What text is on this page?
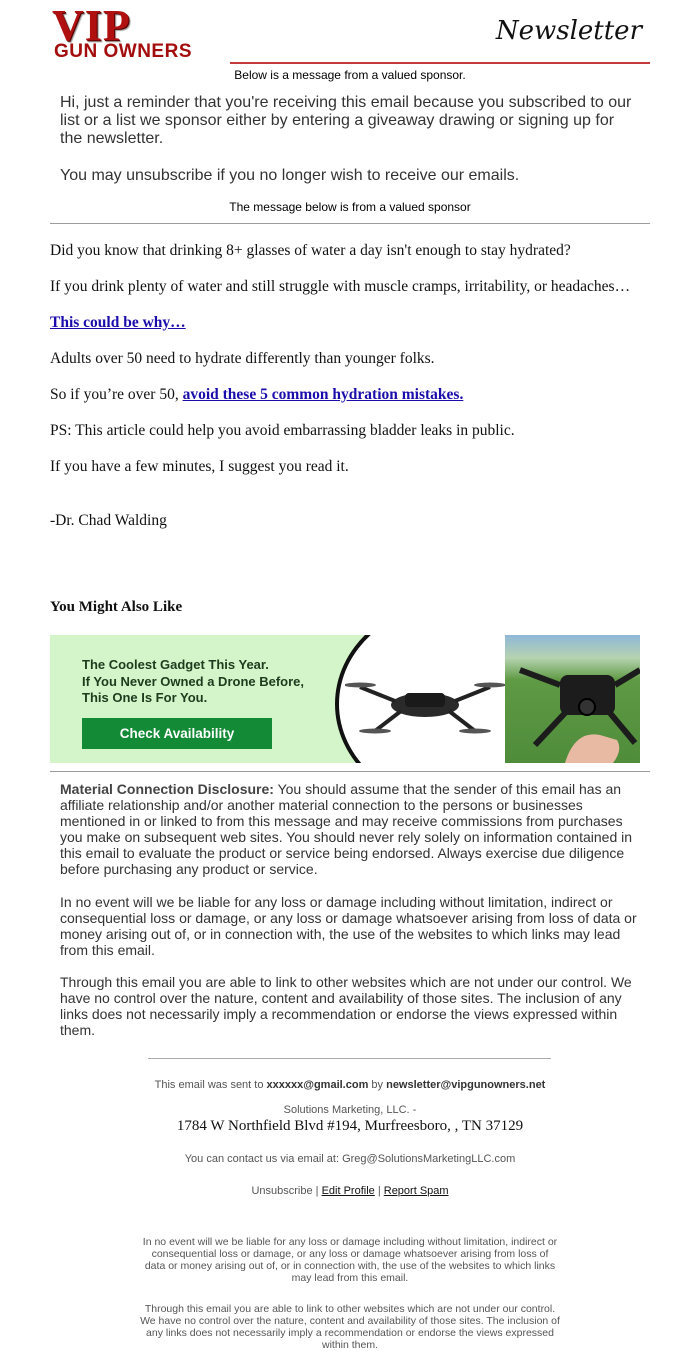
VIP
GUN OWNERS
Newsletter
Below is a message from a valued sponsor.
Hi, just a reminder that you're receiving this email because you subscribed to our list or a list we sponsor either by entering a giveaway drawing or signing up for the newsletter.
You may unsubscribe if you no longer wish to receive our emails.
The message below is from a valued sponsor
Did you know that drinking 8+ glasses of water a day isn't enough to stay hydrated?
If you drink plenty of water and still struggle with muscle cramps, irritability, or headaches…
This could be why…
Adults over 50 need to hydrate differently than younger folks.
So if you’re over 50, avoid these 5 common hydration mistakes.
PS: This article could help you avoid embarrassing bladder leaks in public.
If you have a few minutes, I suggest you read it.
-Dr. Chad Walding
You Might Also Like
The Coolest Gadget This Year.
If You Never Owned a Drone Before,
This One Is For You.
Check Availability
Material Connection Disclosure: You should assume that the sender of this email has an affiliate relationship and/or another material connection to the persons or businesses mentioned in or linked to from this message and may receive commissions from purchases you make on subsequent web sites. You should never rely solely on information contained in this email to evaluate the product or service being endorsed. Always exercise due diligence before purchasing any product or service.
In no event will we be liable for any loss or damage including without limitation, indirect or consequential loss or damage, or any loss or damage whatsoever arising from loss of data or money arising out of, or in connection with, the use of the websites to which links may lead from this email.
Through this email you are able to link to other websites which are not under our control. We have no control over the nature, content and availability of those sites. The inclusion of any links does not necessarily imply a recommendation or endorse the views expressed within them.
This email was sent to xxxxxx@gmail.com by newsletter@vipgunowners.net
Solutions Marketing, LLC. -
1784 W Northfield Blvd #194, Murfreesboro, , TN 37129
You can contact us via email at: Greg@SolutionsMarketingLLC.com
Unsubscribe | Edit Profile | Report Spam
In no event will we be liable for any loss or damage including without limitation, indirect or consequential loss or damage, or any loss or damage whatsoever arising from loss of data or money arising out of, or in connection with, the use of the websites to which links may lead from this email.
Through this email you are able to link to other websites which are not under our control. We have no control over the nature, content and availability of those sites. The inclusion of any links does not necessarily imply a recommendation or endorse the views expressed within them.
